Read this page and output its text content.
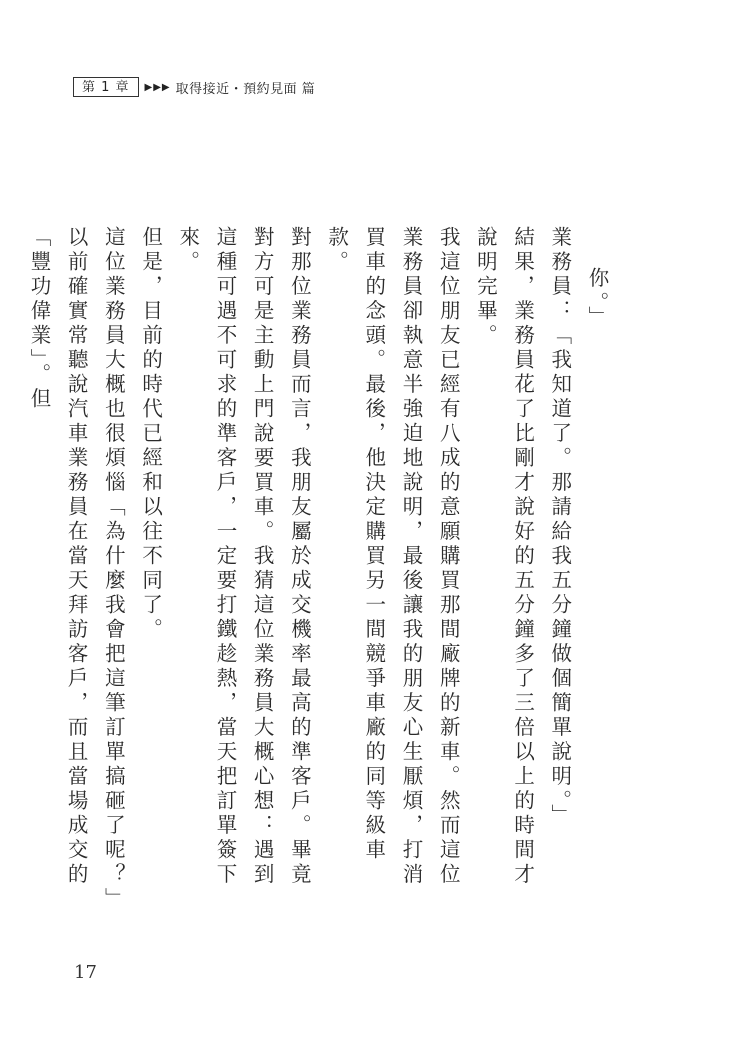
第 1 章	▶▶▶ 取得接近・預約見面 篇

你。」

業務員：「我知道了。那請給我五分鐘做個簡單說明。」

結果，業務員花了比剛才說好的五分鐘多了三倍以上的時間才說明完畢。

我這位朋友已經有八成的意願購買那間廠牌的新車。然而這位業務員卻執意半強迫地說明，最後讓我的朋友心生厭煩，打消買車的念頭。最後，他決定購買另一間競爭車廠的同等級車款。

對那位業務員而言，我朋友屬於成交機率最高的準客戶。畢竟對方可是主動上門說要買車。我猜這位業務員大概心想：遇到這種可遇不可求的準客戶，一定要打鐵趁熱，當天把訂單簽下來。

但是，目前的時代已經和以往不同了。

這位業務員大概也很煩惱「為什麼我會把這筆訂單搞砸了呢？」

以前確實常聽說汽車業務員在當天拜訪客戶，而且當場成交的「豐功偉業」。但

17
